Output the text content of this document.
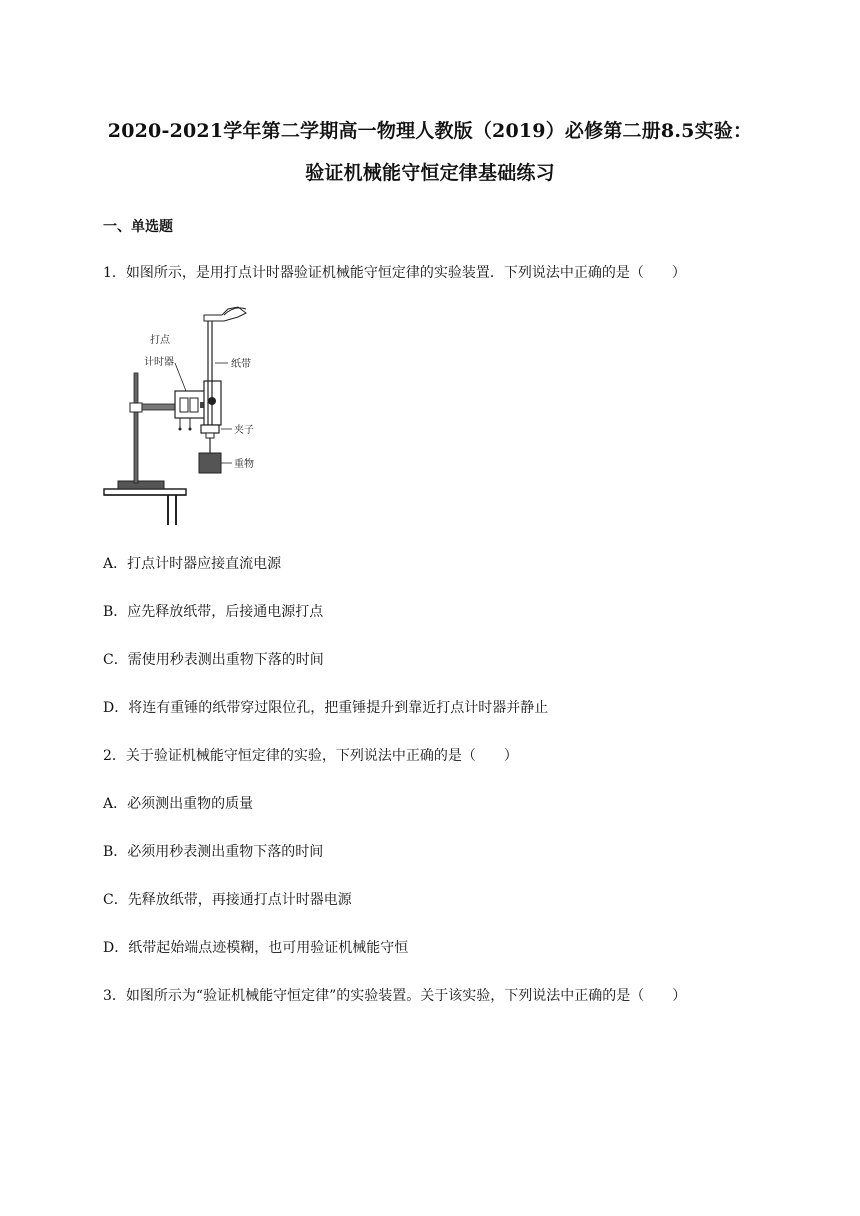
2020-2021学年第二学期高一物理人教版（2019）必修第二册8.5实验：
验证机械能守恒定律基础练习
一、单选题
1．如图所示，是用打点计时器验证机械能守恒定律的实验装置．下列说法中正确的是（　　）
打点
计时器	纸带
夹子
重物
A．打点计时器应接直流电源
B．应先释放纸带，后接通电源打点
C．需使用秒表测出重物下落的时间
D．将连有重锤的纸带穿过限位孔，把重锤提升到靠近打点计时器并静止
2．关于验证机械能守恒定律的实验，下列说法中正确的是（　　）
A．必须测出重物的质量
B．必须用秒表测出重物下落的时间
C．先释放纸带，再接通打点计时器电源
D．纸带起始端点迹模糊，也可用验证机械能守恒
3．如图所示为“验证机械能守恒定律”的实验装置。关于该实验，下列说法中正确的是（　　）
